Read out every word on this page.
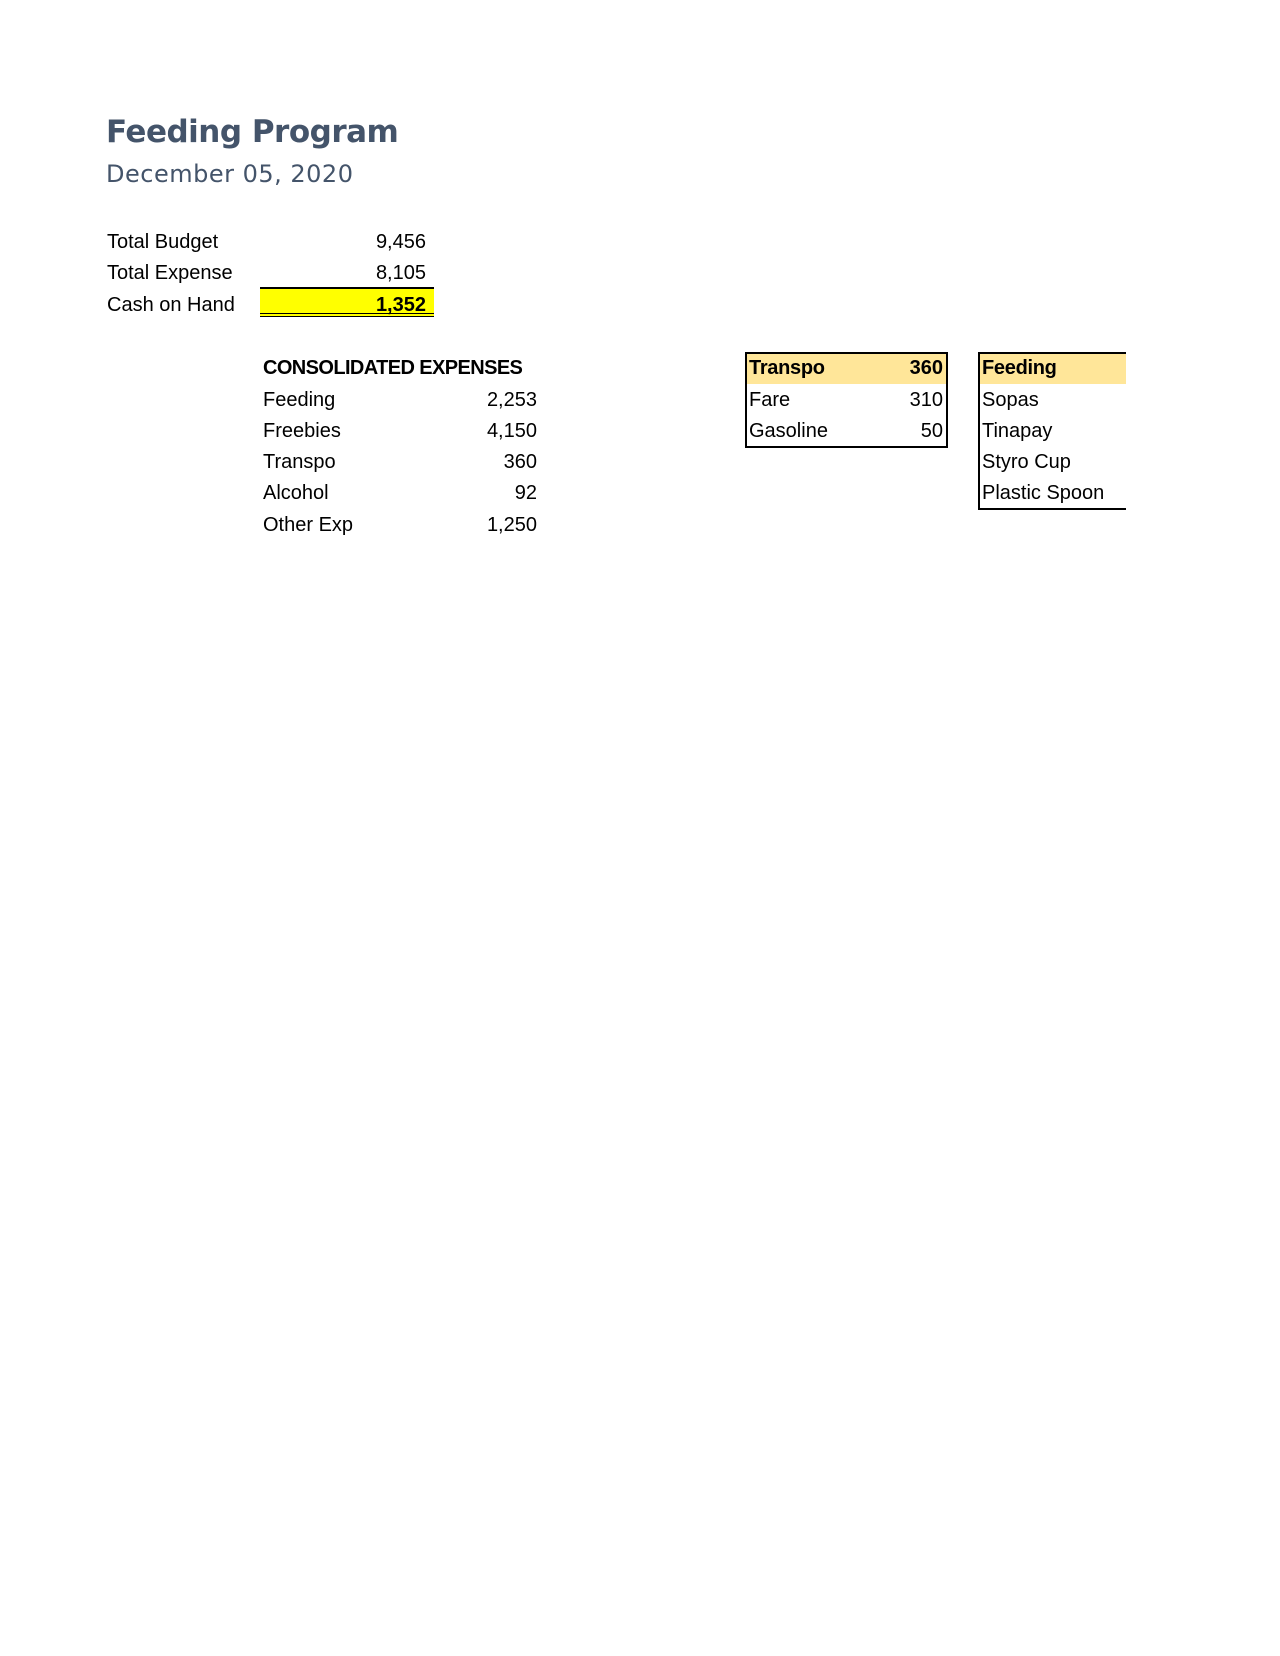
Feeding Program
December 05, 2020
Total Budget	9,456
Total Expense	8,105
Cash on Hand	1,352
CONSOLIDATED EXPENSES
Feeding	2,253
Freebies	4,150
Transpo	360
Alcohol	92
Other Exp	1,250
Transpo	360
Fare	310
Gasoline	50
Feeding
Sopas
Tinapay
Styro Cup
Plastic Spoon
